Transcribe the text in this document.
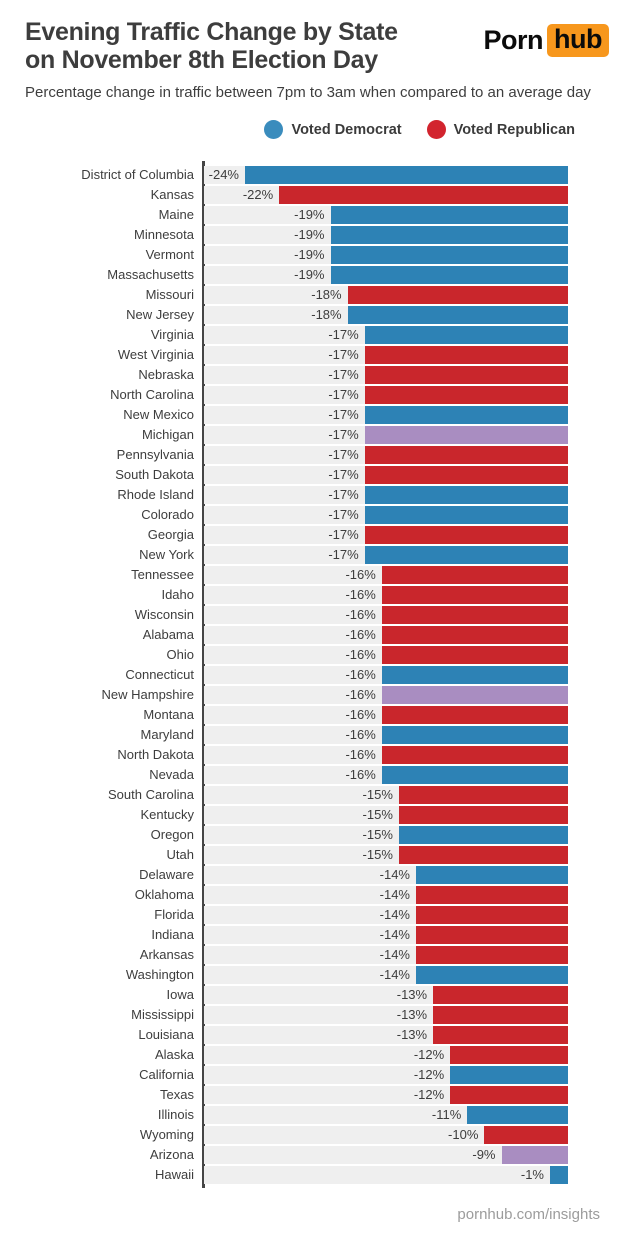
Evening Traffic Change by State
on November 8th Election Day
Porn hub
Percentage change in traffic between 7pm to 3am when compared to an average day
Voted Democrat	Voted Republican
District of Columbia -24%
Kansas	-22%
Maine	-19%
Minnesota	-19%
Vermont	-19%
Massachusetts	-19%
Missouri	-18%
New Jersey	-18%
Virginia	-17%
West Virginia	-17%
Nebraska	-17%
North Carolina	-17%
New Mexico	-17%
Michigan	-17%
Pennsylvania	-17%
South Dakota	-17%
Rhode Island	-17%
Colorado	-17%
Georgia	-17%
New York	-17%
Tennessee	-16%
Idaho	-16%
Wisconsin	-16%
Alabama	-16%
Ohio	-16%
Connecticut	-16%
New Hampshire	-16%
Montana	-16%
Maryland	-16%
North Dakota	-16%
Nevada	-16%
South Carolina	-15%
Kentucky	-15%
Oregon	-15%
Utah	-15%
Delaware	-14%
Oklahoma	-14%
Florida	-14%
Indiana	-14%
Arkansas	-14%
Washington	-14%
Iowa	-13%
Mississippi	-13%
Louisiana	-13%
Alaska	-12%
California	-12%
Texas	-12%
Illinois	-11%
Wyoming	-10%
Arizona	-9%
Hawaii	-1%
pornhub.com/insights
